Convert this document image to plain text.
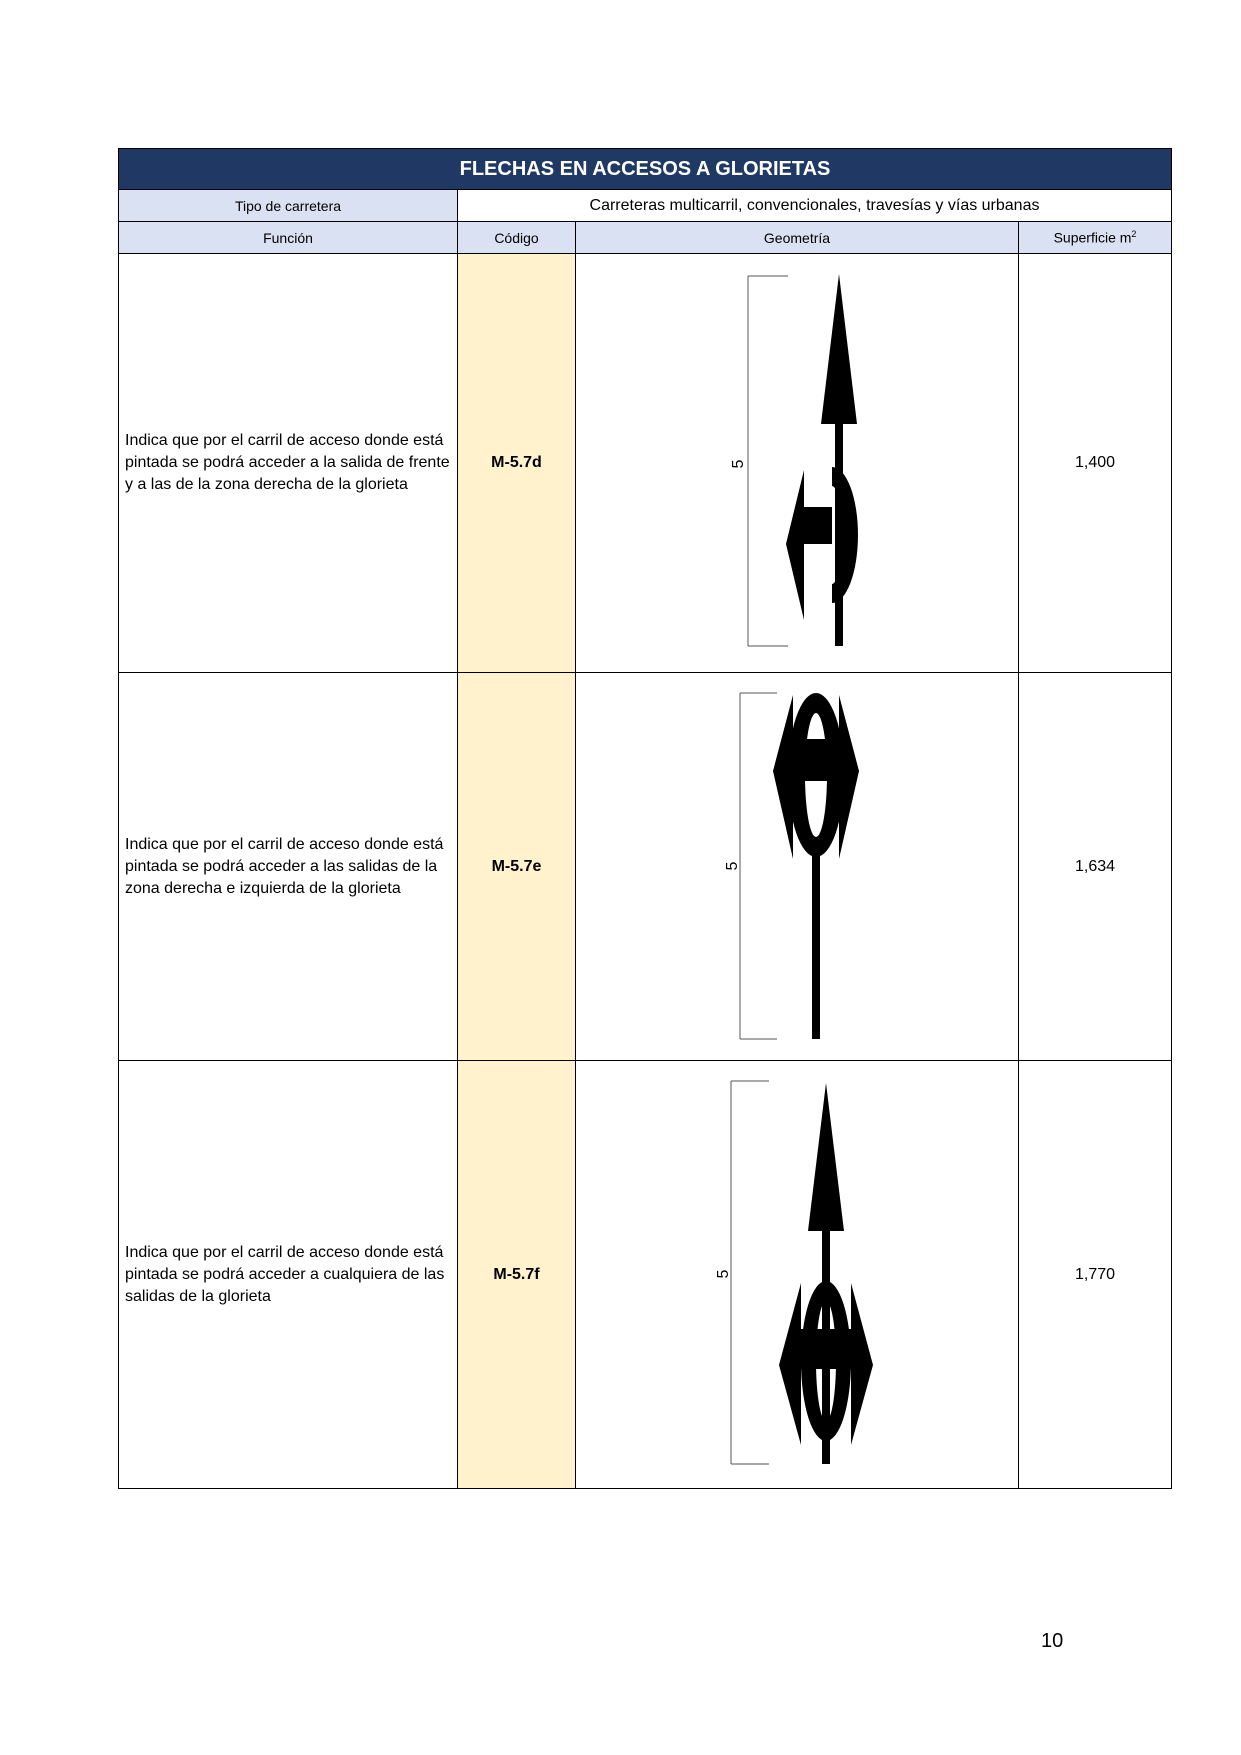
FLECHAS EN ACCESOS A GLORIETAS			
Tipo de carretera	Carreteras multicarril, convencionales, travesías y vías urbanas		
Función	Código	Geometría	Superficie $m^2$
Indica que por el carril de acceso donde está pintada se podrá acceder a la salida de frente y a las de la zona derecha de la glorieta	M-5.7d	5	1,400
Indica que por el carril de acceso donde está pintada se podrá acceder a las salidas de la zona derecha e izquierda de la glorieta	M-5.7e	5	1,634
Indica que por el carril de acceso donde está pintada se podrá acceder a cualquiera de las salidas de la glorieta	M-5.7f	5	1,770
10
